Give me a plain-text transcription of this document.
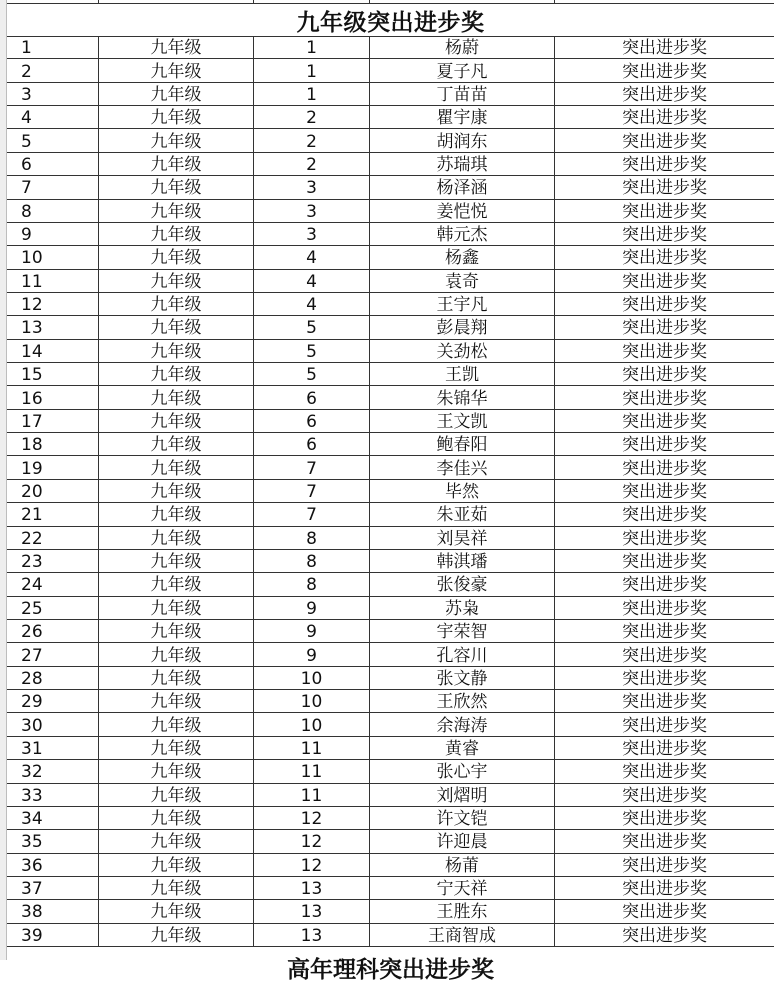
九年级突出进步奖
1	九年级	1	杨蔚	突出进步奖
2	九年级	1	夏子凡	突出进步奖
3	九年级	1	丁苗苗	突出进步奖
4	九年级	2	瞿宇康	突出进步奖
5	九年级	2	胡润东	突出进步奖
6	九年级	2	苏瑞琪	突出进步奖
7	九年级	3	杨泽涵	突出进步奖
8	九年级	3	姜恺悦	突出进步奖
9	九年级	3	韩元杰	突出进步奖
10	九年级	4	杨鑫	突出进步奖
11	九年级	4	袁奇	突出进步奖
12	九年级	4	王宇凡	突出进步奖
13	九年级	5	彭晨翔	突出进步奖
14	九年级	5	关劲松	突出进步奖
15	九年级	5	王凯	突出进步奖
16	九年级	6	朱锦华	突出进步奖
17	九年级	6	王文凯	突出进步奖
18	九年级	6	鲍春阳	突出进步奖
19	九年级	7	李佳兴	突出进步奖
20	九年级	7	毕然	突出进步奖
21	九年级	7	朱亚茹	突出进步奖
22	九年级	8	刘昊祥	突出进步奖
23	九年级	8	韩淇璠	突出进步奖
24	九年级	8	张俊豪	突出进步奖
25	九年级	9	苏枭	突出进步奖
26	九年级	9	宇荣智	突出进步奖
27	九年级	9	孔容川	突出进步奖
28	九年级	10	张文静	突出进步奖
29	九年级	10	王欣然	突出进步奖
30	九年级	10	余海涛	突出进步奖
31	九年级	11	黄睿	突出进步奖
32	九年级	11	张心宇	突出进步奖
33	九年级	11	刘熠明	突出进步奖
34	九年级	12	许文铠	突出进步奖
35	九年级	12	许迎晨	突出进步奖
36	九年级	12	杨莆	突出进步奖
37	九年级	13	宁天祥	突出进步奖
38	九年级	13	王胜东	突出进步奖
39	九年级	13	王商智成	突出进步奖
高年理科突出进步奖
